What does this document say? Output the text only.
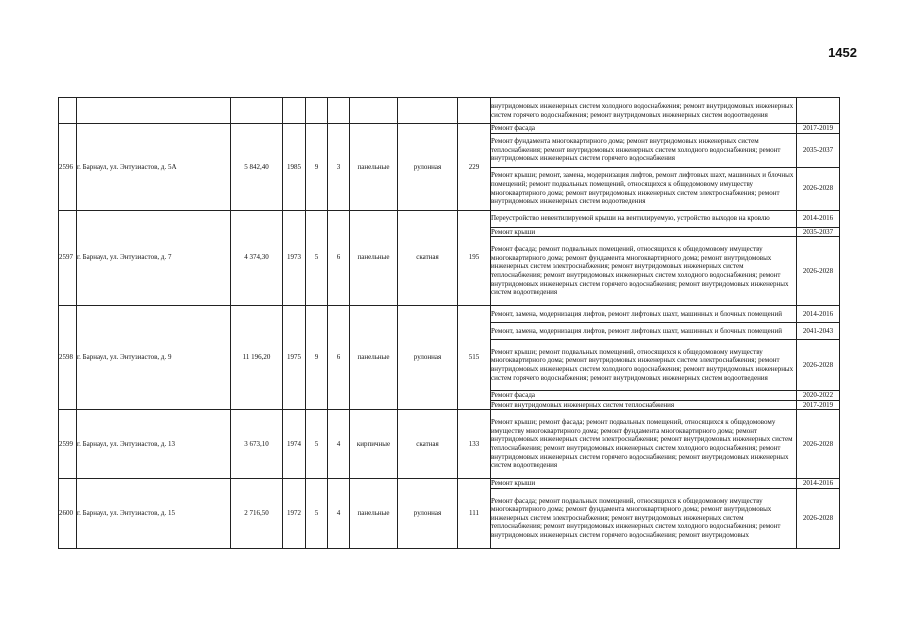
1452
									внутридомовых инженерных систем холодного водоснабжения; ремонт внутридомовых инженерных систем горячего водоснабжения; ремонт внутридомовых инженерных систем водоотведения	
2596	г. Барнаул, ул. Энтузиастов, д. 5А	5 842,40	1985	9	3	панельные	рулонная	229	Ремонт фасада	2017-2019
									Ремонт фундамента многоквартирного дома; ремонт внутридомовых инженерных систем теплоснабжения; ремонт внутридомовых инженерных систем холодного водоснабжения; ремонт внутридомовых инженерных систем горячего водоснабжения	2035-2037
									Ремонт крыши; ремонт, замена, модернизация лифтов, ремонт лифтовых шахт, машинных и блочных помещений; ремонт подвальных помещений, относящихся к общедомовому имуществу многоквартирного дома; ремонт внутридомовых инженерных систем электроснабжения; ремонт внутридомовых инженерных систем водоотведения	2026-2028
2597	г. Барнаул, ул. Энтузиастов, д. 7	4 374,30	1973	5	6	панельные	скатная	195	Переустройство невентилируемой крыши на вентилируемую, устройство выходов на кровлю	2014-2016
									Ремонт крыши	2035-2037
									Ремонт фасада; ремонт подвальных помещений, относящихся к общедомовому имуществу многоквартирного дома; ремонт фундамента многоквартирного дома; ремонт внутридомовых инженерных систем электроснабжения; ремонт внутридомовых инженерных систем теплоснабжения; ремонт внутридомовых инженерных систем холодного водоснабжения; ремонт внутридомовых инженерных систем горячего водоснабжения; ремонт внутридомовых инженерных систем водоотведения	2026-2028
2598	г. Барнаул, ул. Энтузиастов, д. 9	11 196,20	1975	9	6	панельные	рулонная	515	Ремонт, замена, модернизация лифтов, ремонт лифтовых шахт, машинных и блочных помещений	2014-2016
									Ремонт, замена, модернизация лифтов, ремонт лифтовых шахт, машинных и блочных помещений	2041-2043
									Ремонт крыши; ремонт подвальных помещений, относящихся к общедомовому имуществу многоквартирного дома; ремонт внутридомовых инженерных систем электроснабжения; ремонт внутридомовых инженерных систем холодного водоснабжения; ремонт внутридомовых инженерных систем горячего водоснабжения; ремонт внутридомовых инженерных систем водоотведения	2026-2028
									Ремонт фасада	2020-2022
									Ремонт внутридомовых инженерных систем теплоснабжения	2017-2019
2599	г. Барнаул, ул. Энтузиастов, д. 13	3 673,10	1974	5	4	кирпичные	скатная	133	Ремонт крыши; ремонт фасада; ремонт подвальных помещений, относящихся к общедомовому имуществу многоквартирного дома; ремонт фундамента многоквартирного дома; ремонт внутридомовых инженерных систем электроснабжения; ремонт внутридомовых инженерных систем теплоснабжения; ремонт внутридомовых инженерных систем холодного водоснабжения; ремонт внутридомовых инженерных систем горячего водоснабжения; ремонт внутридомовых инженерных систем водоотведения	2026-2028
2600	г. Барнаул, ул. Энтузиастов, д. 15	2 716,50	1972	5	4	панельные	рулонная	111	Ремонт крыши	2014-2016
									Ремонт фасада; ремонт подвальных помещений, относящихся к общедомовому имуществу многоквартирного дома; ремонт фундамента многоквартирного дома; ремонт внутридомовых инженерных систем электроснабжения; ремонт внутридомовых инженерных систем теплоснабжения; ремонт внутридомовых инженерных систем холодного водоснабжения; ремонт внутридомовых инженерных систем горячего водоснабжения; ремонт внутридомовых	2026-2028
